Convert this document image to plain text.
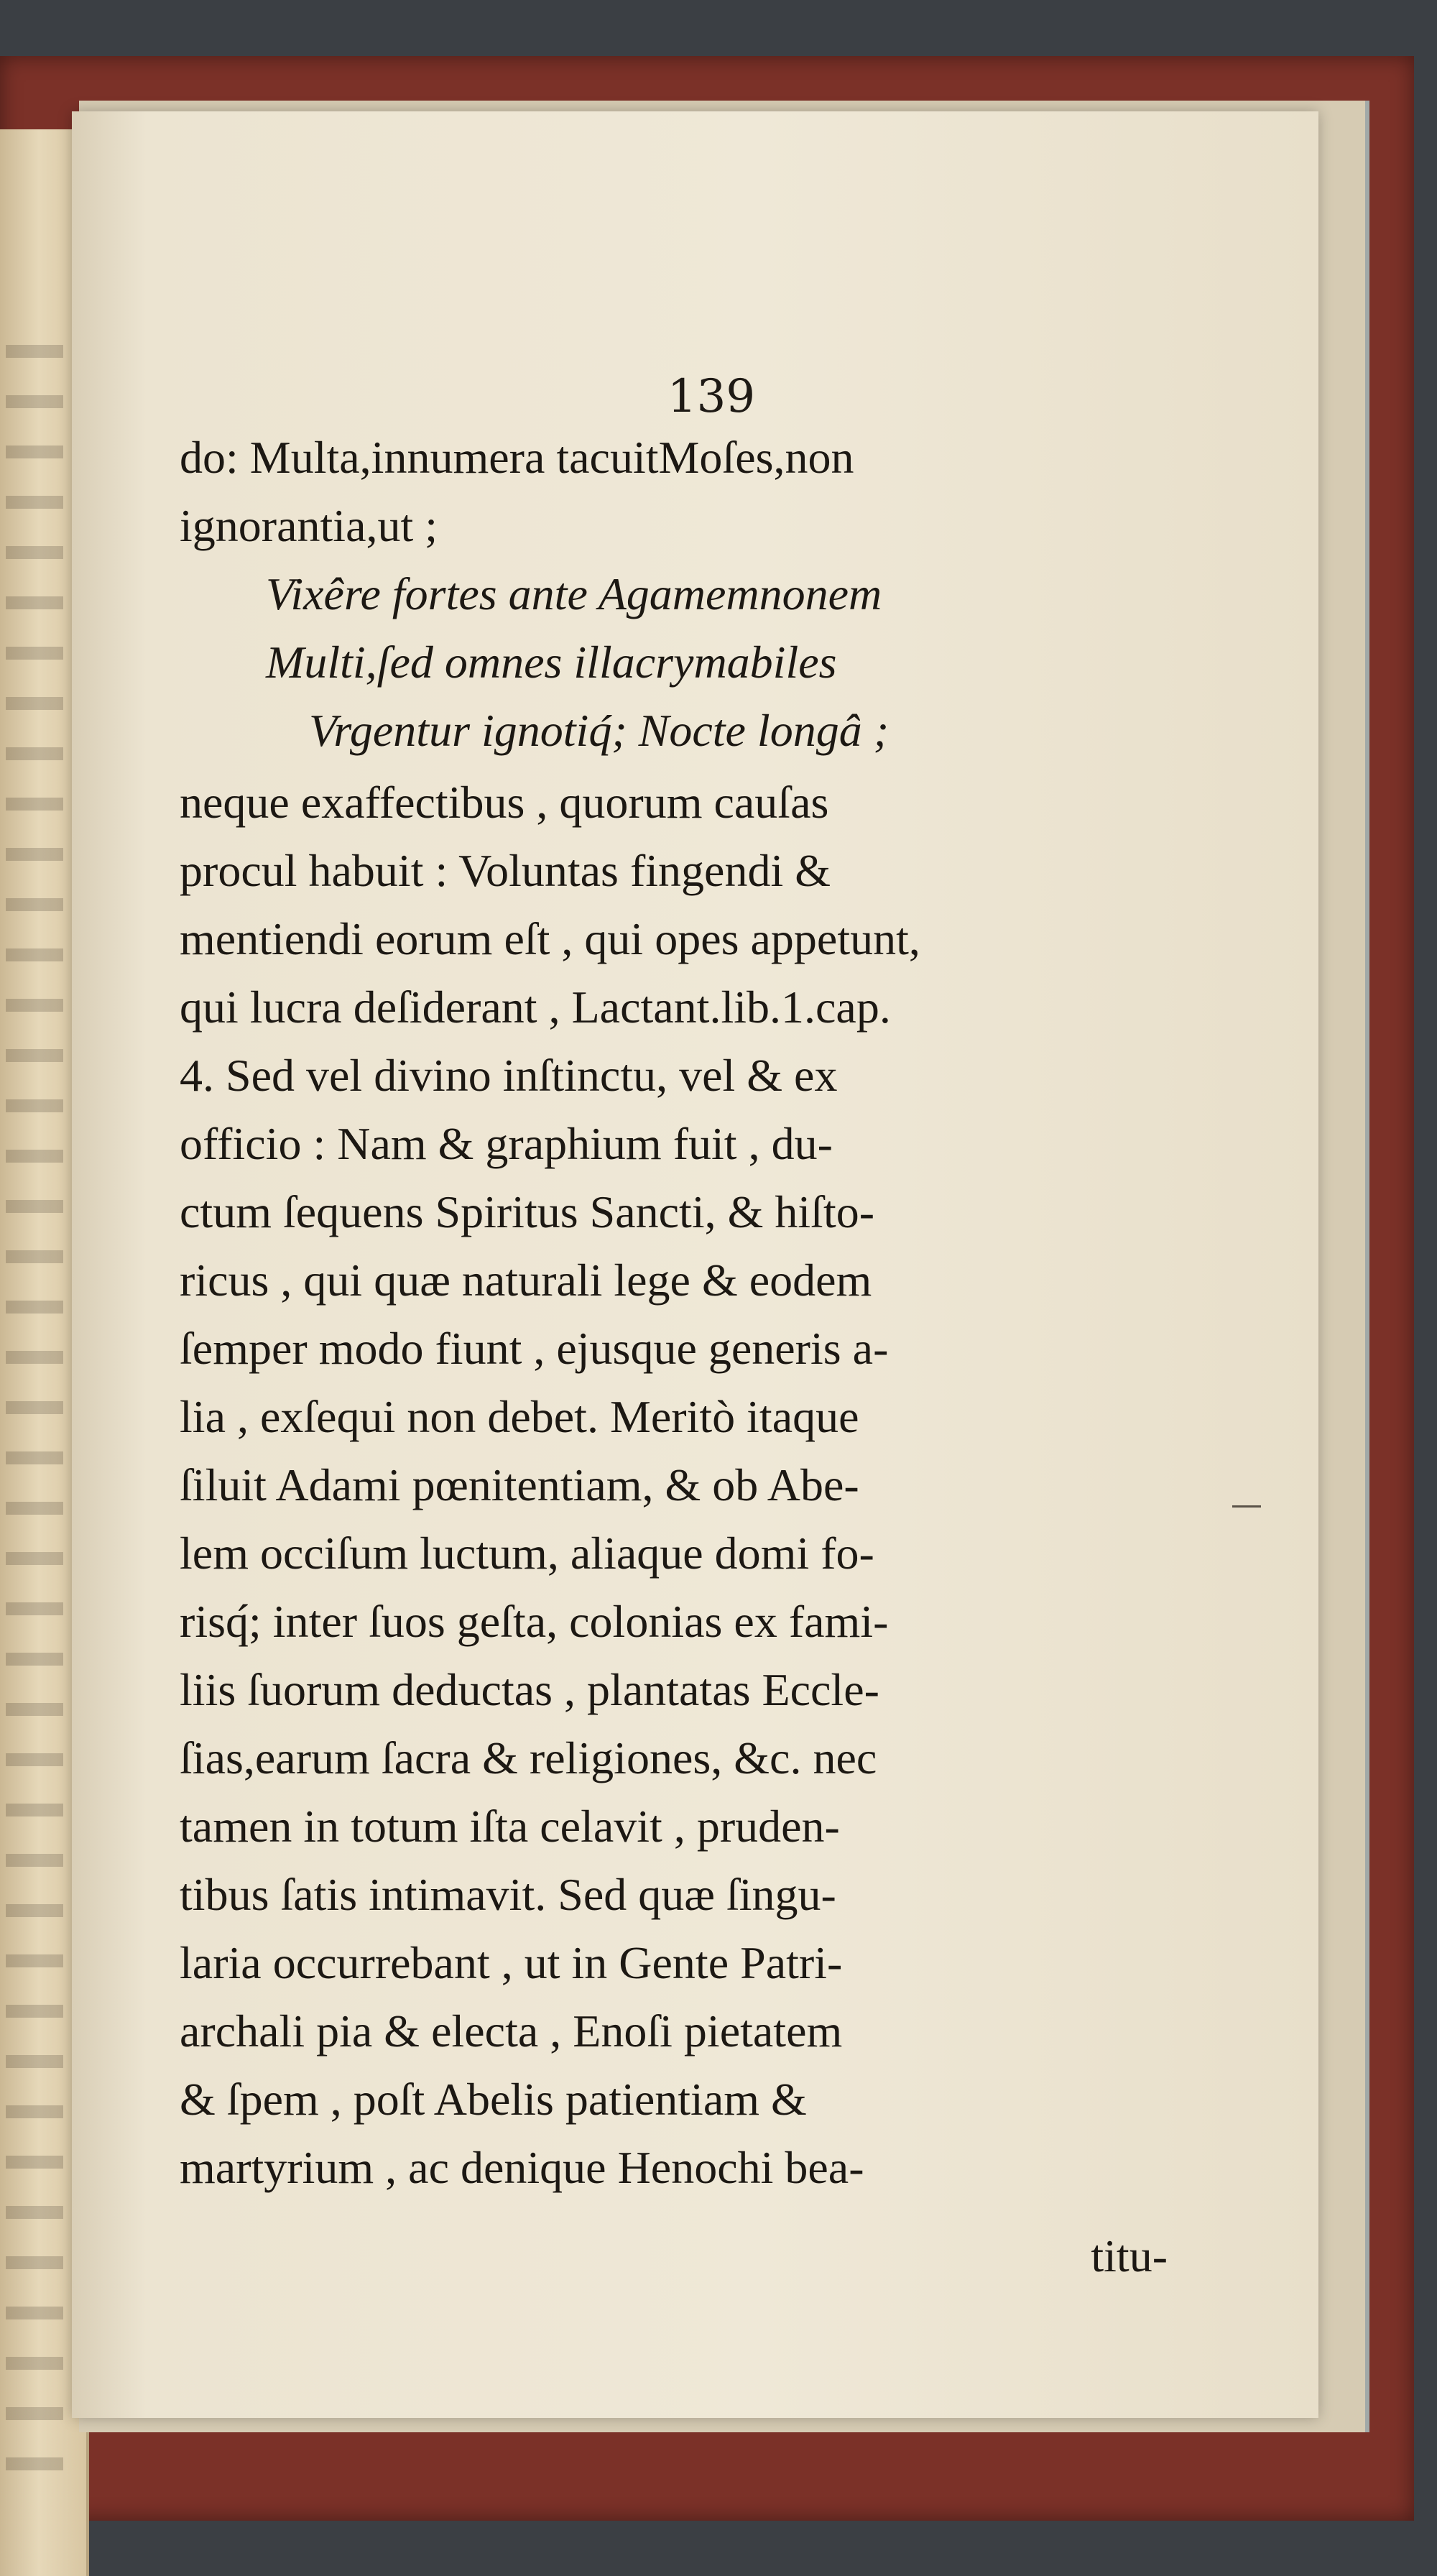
139

do: Multa,innumera tacuitMoſes,non

ignorantia,ut ;

Vixêre fortes ante Agamemnonem

Multi,ſed omnes illacrymabiles

Vrgentur ignotiq́; Nocte longâ ;

neque exaffectibus , quorum cauſas

procul habuit : Voluntas fingendi &

mentiendi eorum eſt , qui opes appetunt,

qui lucra deſiderant , Lactant.lib.1.cap.

4. Sed vel divino inſtinctu, vel & ex

officio : Nam & graphium fuit , du-

ctum ſequens Spiritus Sancti, & hiſto-

ricus , qui quæ naturali lege & eodem

ſemper modo fiunt , ejusque generis a-

lia , exſequi non debet. Meritò itaque

ſiluit Adami pœnitentiam, & ob Abe-

lem occiſum luctum, aliaque domi fo-

risq́; inter ſuos geſta, colonias ex fami-

liis ſuorum deductas , plantatas Eccle-

ſias,earum ſacra & religiones, &c. nec

tamen in totum iſta celavit , pruden-

tibus ſatis intimavit. Sed quæ ſingu-

laria occurrebant , ut in Gente Patri-

archali pia & electa , Enoſi pietatem

& ſpem , poſt Abelis patientiam &

martyrium , ac denique Henochi bea-

titu-
